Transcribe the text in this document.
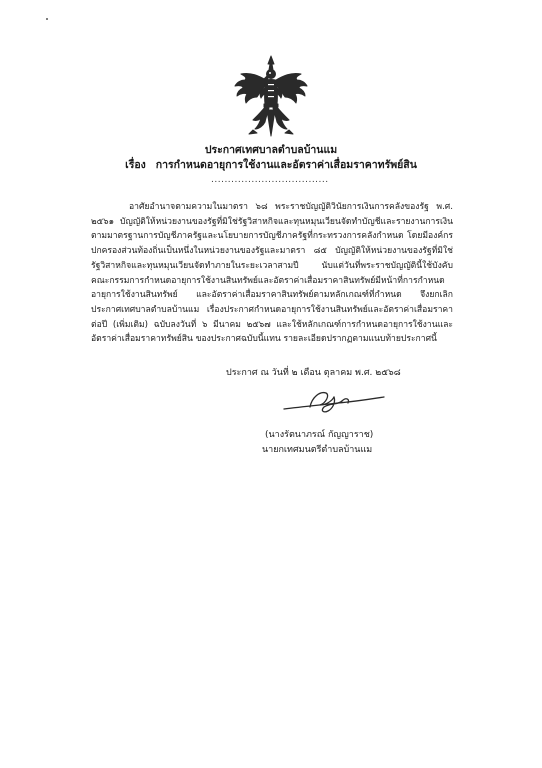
ประกาศเทศบาลตำบลบ้านแม
เรื่อง การกำหนดอายุการใช้งานและอัตราค่าเสื่อมราคาทรัพย์สิน
...................................

อาศัยอำนาจตามความในมาตรา ๖๘ พระราชบัญญัติวินัยการเงินการคลังของรัฐ พ.ศ. ๒๕๖๑ บัญญัติให้หน่วยงานของรัฐที่มิใช่รัฐวิสาหกิจและทุนหมุนเวียนจัดทำบัญชีและรายงานการเงินตามมาตรฐานการบัญชีภาครัฐและนโยบายการบัญชีภาครัฐที่กระทรวงการคลังกำหนด โดยมีองค์กรปกครองส่วนท้องถิ่นเป็นหนึ่งในหน่วยงานของรัฐและมาตรา ๘๕ บัญญัติให้หน่วยงานของรัฐที่มิใช่รัฐวิสาหกิจและทุนหมุนเวียนจัดทำภายในระยะเวลาสามปี นับแต่วันที่พระราชบัญญัตินี้ใช้บังคับ คณะกรรมการกำหนดอายุการใช้งานสินทรัพย์และอัตราค่าเสื่อมราคาสินทรัพย์มีหน้าที่การกำหนดอายุการใช้งานสินทรัพย์ และอัตราค่าเสื่อมราคาสินทรัพย์ตามหลักเกณฑ์ที่กำหนด จึงยกเลิก ประกาศเทศบาลตำบลบ้านแม เรื่องประกาศกำหนดอายุการใช้งานสินทรัพย์และอัตราค่าเสื่อมราคาต่อปี (เพิ่มเติม) ฉบับลงวันที่ ๖ มีนาคม ๒๕๖๗ และใช้หลักเกณฑ์การกำหนดอายุการใช้งานและอัตราค่าเสื่อมราคาทรัพย์สิน ของประกาศฉบับนี้แทน รายละเอียดปรากฏตามแนบท้ายประกาศนี้

ประกาศ ณ วันที่ ๒ เดือน ตุลาคม พ.ศ. ๒๕๖๘
(นางรัตนาภรณ์ กัญญาราช)
นายกเทศมนตรีตำบลบ้านแม
